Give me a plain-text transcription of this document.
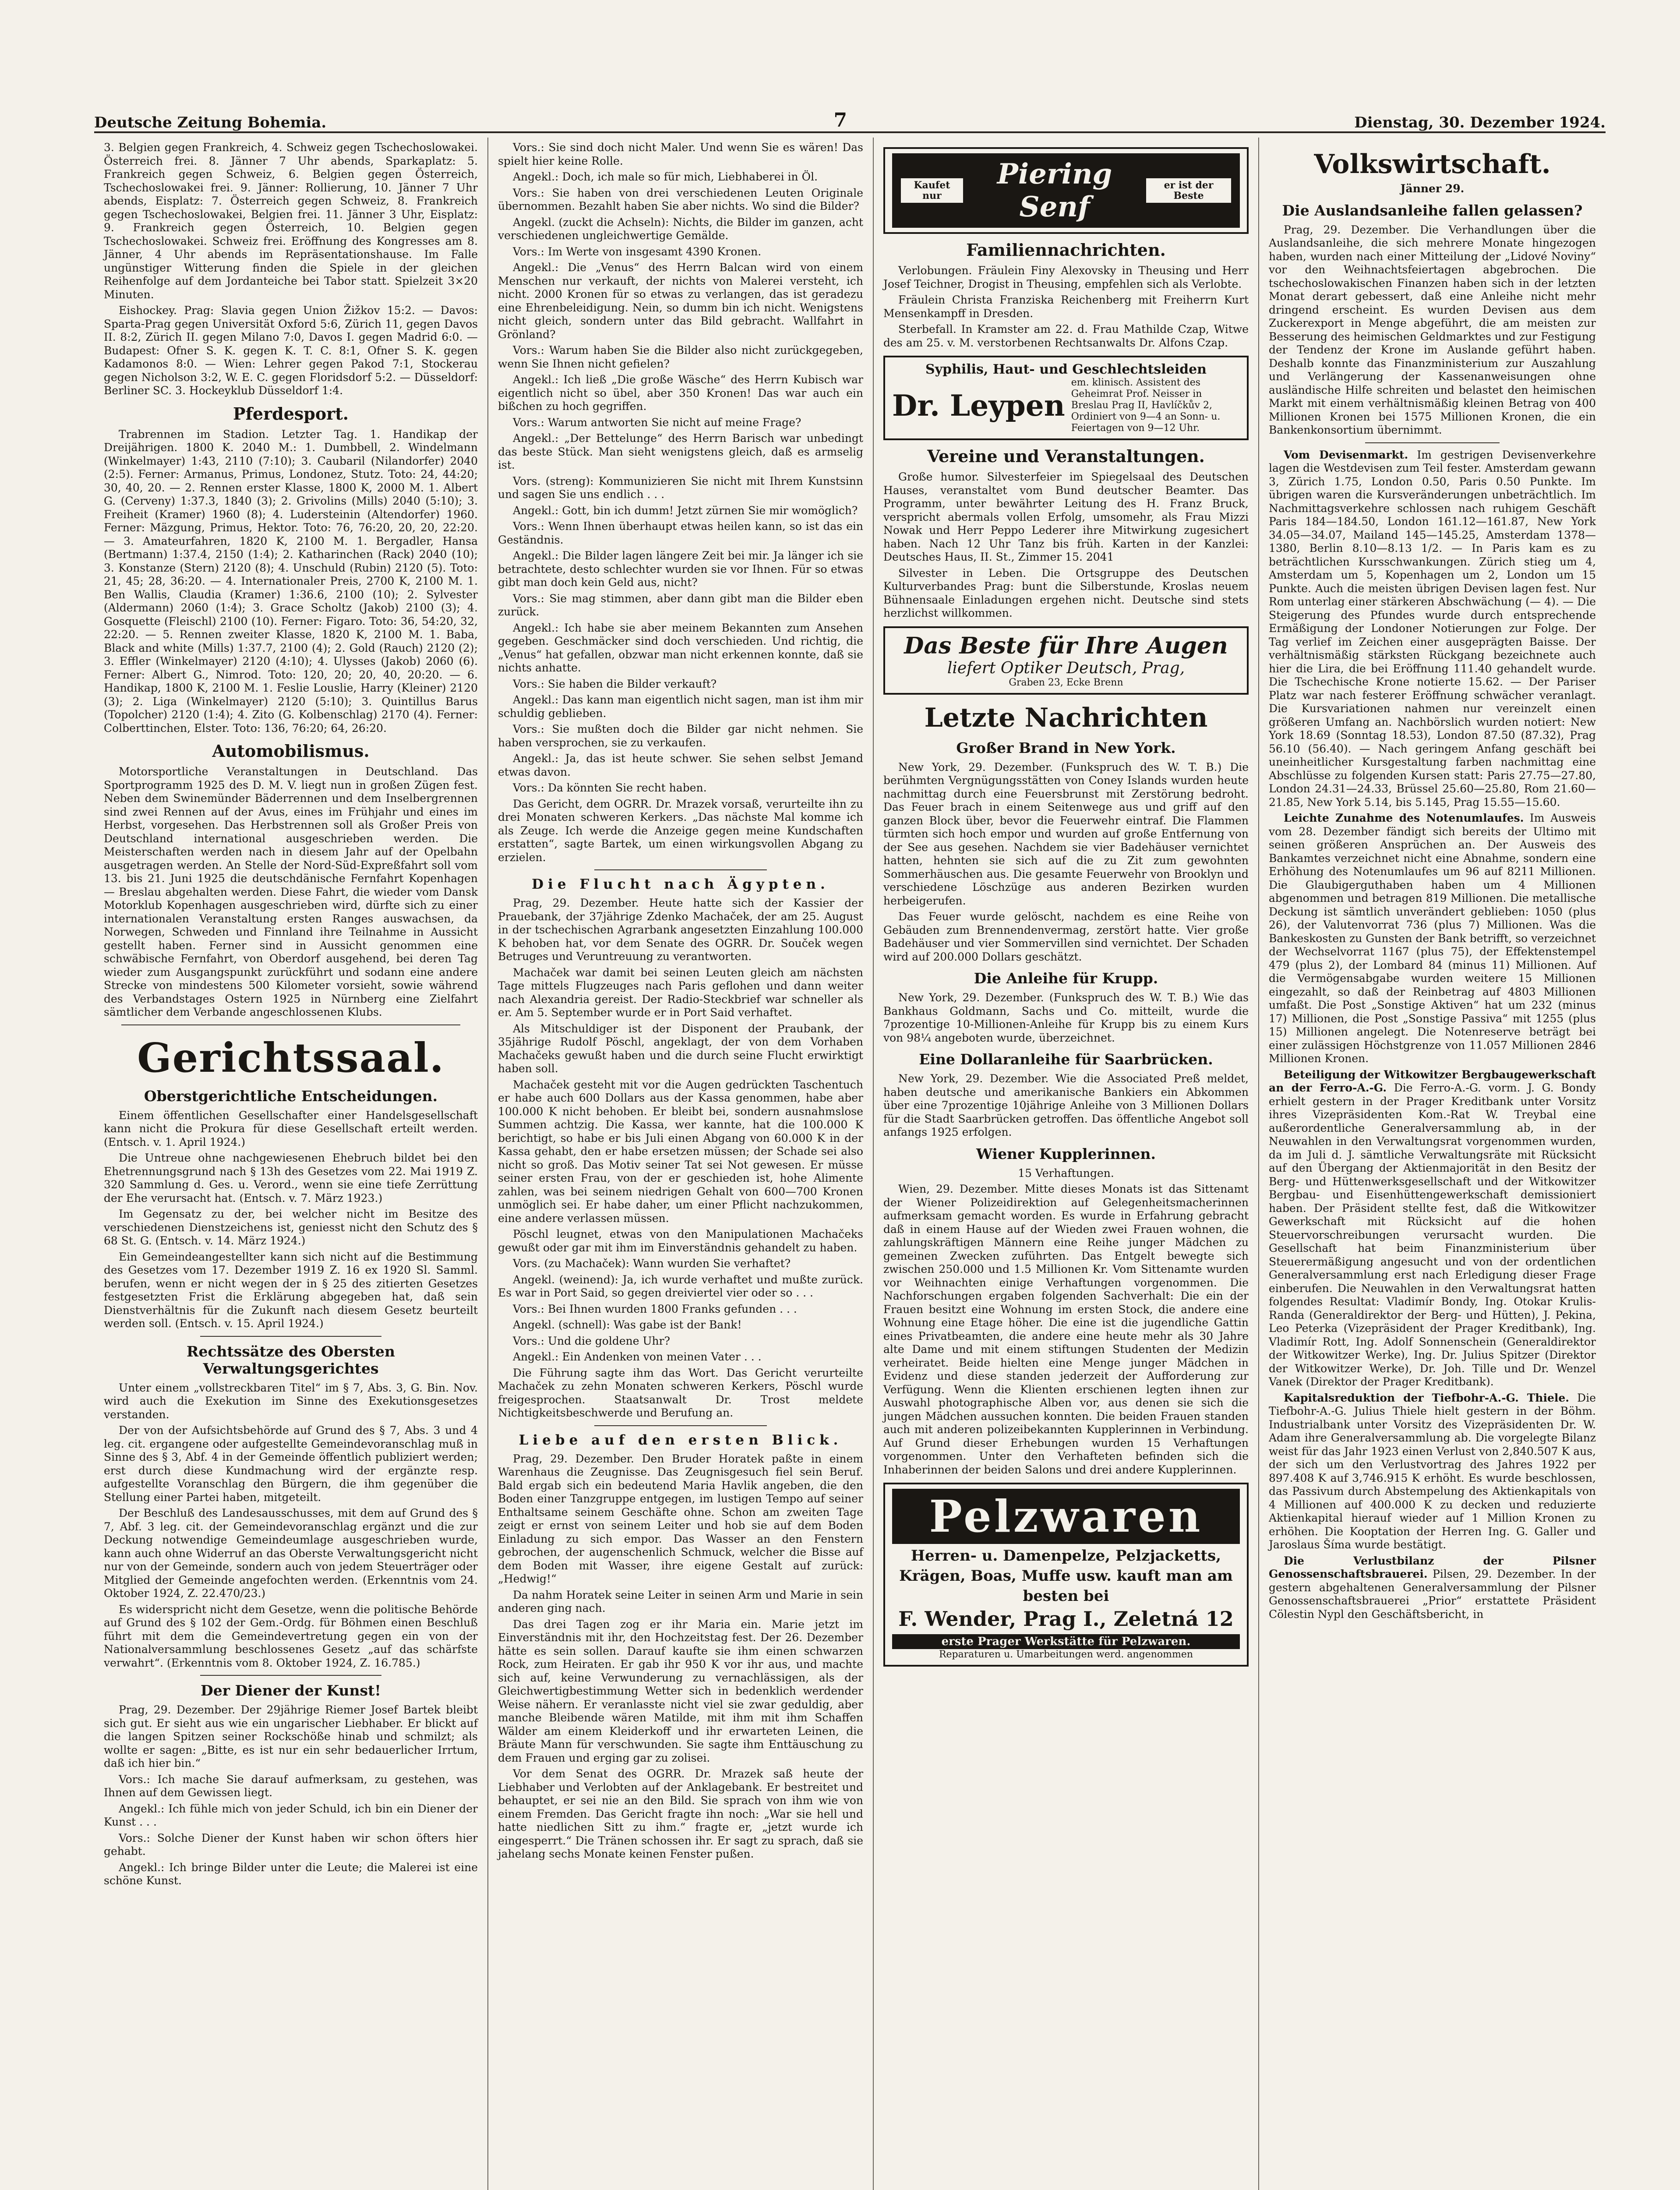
Deutsche Zeitung Bohemia.	7	Dienstag, 30. Dezember 1924.

3. Belgien gegen Frankreich, 4. Schweiz gegen Tschechoslowakei. Österreich frei. 8. Jänner 7 Uhr abends, Sparkaplatz: 5. Frankreich gegen Schweiz, 6. Belgien gegen Österreich, Tschechoslowakei frei. 9. Jänner: Rollierung, 10. Jänner 7 Uhr abends, Eisplatz: 7. Österreich gegen Schweiz, 8. Frankreich gegen Tschechoslowakei, Belgien frei. 11. Jänner 3 Uhr, Eisplatz: 9. Frankreich gegen Österreich, 10. Belgien gegen Tschechoslowakei. Schweiz frei. Eröffnung des Kongresses am 8. Jänner, 4 Uhr abends im Repräsentationshause. Im Falle ungünstiger Witterung finden die Spiele in der gleichen Reihenfolge auf dem Jordanteiche bei Tabor statt. Spielzeit 3×20 Minuten.

Eishockey. Prag: Slavia gegen Union Žižkov 15:2. — Davos: Sparta-Prag gegen Universität Oxford 5:6, Zürich 11, gegen Davos II. 8:2, Zürich II. gegen Milano 7:0, Davos I. gegen Madrid 6:0. — Budapest: Ofner S. K. gegen K. T. C. 8:1, Ofner S. K. gegen Kadamonos 8:0. — Wien: Lehrer gegen Pakod 7:1, Stockerau gegen Nicholson 3:2, W. E. C. gegen Floridsdorf 5:2. — Düsseldorf: Berliner SC. 3. Hockeyklub Düsseldorf 1:4.

Pferdesport.

Trabrennen im Stadion. Letzter Tag. 1. Handikap der Dreijährigen. 1800 K. 2040 M.: 1. Dumbbell, 2. Windelmann (Winkelmayer) 1:43, 2110 (7:10); 3. Caubaril (Nilandorfer) 2040 (2:5). Ferner: Armanus, Primus, Londonez, Stutz. Toto: 24, 44:20; 30, 40, 20. — 2. Rennen erster Klasse, 1800 K, 2000 M. 1. Albert G. (Cerveny) 1:37.3, 1840 (3); 2. Grivolins (Mills) 2040 (5:10); 3. Freiheit (Kramer) 1960 (8); 4. Ludersteinin (Altendorfer) 1960. Ferner: Mäzgung, Primus, Hektor. Toto: 76, 76:20, 20, 20, 22:20. — 3. Amateurfahren, 1820 K, 2100 M. 1. Bergadler, Hansa (Bertmann) 1:37.4, 2150 (1:4); 2. Katharinchen (Rack) 2040 (10); 3. Konstanze (Stern) 2120 (8); 4. Unschuld (Rubin) 2120 (5). Toto: 21, 45; 28, 36:20. — 4. Internationaler Preis, 2700 K, 2100 M. 1. Ben Wallis, Claudia (Kramer) 1:36.6, 2100 (10); 2. Sylvester (Aldermann) 2060 (1:4); 3. Grace Scholtz (Jakob) 2100 (3); 4. Gosquette (Fleischl) 2100 (10). Ferner: Figaro. Toto: 36, 54:20, 32, 22:20. — 5. Rennen zweiter Klasse, 1820 K, 2100 M. 1. Baba, Black and white (Mills) 1:37.7, 2100 (4); 2. Gold (Rauch) 2120 (2); 3. Effler (Winkelmayer) 2120 (4:10); 4. Ulysses (Jakob) 2060 (6). Ferner: Albert G., Nimrod. Toto: 120, 20; 20, 40, 20:20. — 6. Handikap, 1800 K, 2100 M. 1. Feslie Louslie, Harry (Kleiner) 2120 (3); 2. Liga (Winkelmayer) 2120 (5:10); 3. Quintillus Barus (Topolcher) 2120 (1:4); 4. Zito (G. Kolbenschlag) 2170 (4). Ferner: Colberttinchen, Elster. Toto: 136, 76:20; 64, 26:20.

Automobilismus.

Motorsportliche Veranstaltungen in Deutschland. Das Sportprogramm 1925 des D. M. V. liegt nun in großen Zügen fest. Neben dem Swinemünder Bäderrennen und dem Inselbergrennen sind zwei Rennen auf der Avus, eines im Frühjahr und eines im Herbst, vorgesehen. Das Herbstrennen soll als Großer Preis von Deutschland international ausgeschrieben werden. Die Meisterschaften werden nach in diesem Jahr auf der Opelbahn ausgetragen werden. An Stelle der Nord-Süd-Expreßfahrt soll vom 13. bis 21. Juni 1925 die deutschdänische Fernfahrt Kopenhagen — Breslau abgehalten werden. Diese Fahrt, die wieder vom Dansk Motorklub Kopenhagen ausgeschrieben wird, dürfte sich zu einer internationalen Veranstaltung ersten Ranges auswachsen, da Norwegen, Schweden und Finnland ihre Teilnahme in Aussicht gestellt haben. Ferner sind in Aussicht genommen eine schwäbische Fernfahrt, von Oberdorf ausgehend, bei deren Tag wieder zum Ausgangspunkt zurückführt und sodann eine andere Strecke von mindestens 500 Kilometer vorsieht, sowie während des Verbandstages Ostern 1925 in Nürnberg eine Zielfahrt sämtlicher dem Verbande angeschlossenen Klubs.

Gerichtssaal.
Oberstgerichtliche Entscheidungen.

Einem öffentlichen Gesellschafter einer Handelsgesellschaft kann nicht die Prokura für diese Gesellschaft erteilt werden. (Entsch. v. 1. April 1924.)

Die Untreue ohne nachgewiesenen Ehebruch bildet bei den Ehetrennungsgrund nach § 13h des Gesetzes vom 22. Mai 1919 Z. 320 Sammlung d. Ges. u. Verord., wenn sie eine tiefe Zerrüttung der Ehe verursacht hat. (Entsch. v. 7. März 1923.)

Im Gegensatz zu der, bei welcher nicht im Besitze des verschiedenen Dienstzeichens ist, geniesst nicht den Schutz des § 68 St. G. (Entsch. v. 14. März 1924.)

Ein Gemeindeangestellter kann sich nicht auf die Bestimmung des Gesetzes vom 17. Dezember 1919 Z. 16 ex 1920 Sl. Samml. berufen, wenn er nicht wegen der in § 25 des zitierten Gesetzes festgesetzten Frist die Erklärung abgegeben hat, daß sein Dienstverhältnis für die Zukunft nach diesem Gesetz beurteilt werden soll. (Entsch. v. 15. April 1924.)

Rechtssätze des Obersten Verwaltungsgerichtes

Unter einem „vollstreckbaren Titel“ im § 7, Abs. 3, G. Bin. Nov. wird auch die Exekution im Sinne des Exekutionsgesetzes verstanden.

Der von der Aufsichtsbehörde auf Grund des § 7, Abs. 3 und 4 leg. cit. ergangene oder aufgestellte Gemeindevoranschlag muß in Sinne des § 3, Abf. 4 in der Gemeinde öffentlich publiziert werden; erst durch diese Kundmachung wird der ergänzte resp. aufgestellte Voranschlag den Bürgern, die ihm gegenüber die Stellung einer Partei haben, mitgeteilt.

Der Beschluß des Landesausschusses, mit dem auf Grund des § 7, Abf. 3 leg. cit. der Gemeindevoranschlag ergänzt und die zur Deckung notwendige Gemeindeumlage ausgeschrieben wurde, kann auch ohne Widerruf an das Oberste Verwaltungsgericht nicht nur von der Gemeinde, sondern auch von jedem Steuerträger oder Mitglied der Gemeinde angefochten werden. (Erkenntnis vom 24. Oktober 1924, Z. 22.470/23.)

Es widerspricht nicht dem Gesetze, wenn die politische Behörde auf Grund des § 102 der Gem.-Ordg. für Böhmen einen Beschluß führt mit dem die Gemeindevertretung gegen ein von der Nationalversammlung beschlossenes Gesetz „auf das schärfste verwahrt“. (Erkenntnis vom 8. Oktober 1924, Z. 16.785.)

Der Diener der Kunst!

Prag, 29. Dezember. Der 29jährige Riemer Josef Bartek bleibt sich gut. Er sieht aus wie ein ungarischer Liebhaber. Er blickt auf die langen Spitzen seiner Rockschöße hinab und schmilzt; als wollte er sagen: „Bitte, es ist nur ein sehr bedauerlicher Irrtum, daß ich hier bin.“

Vors.: Ich mache Sie darauf aufmerksam, zu gestehen, was Ihnen auf dem Gewissen liegt.

Angekl.: Ich fühle mich von jeder Schuld, ich bin ein Diener der Kunst . . .

Vors.: Solche Diener der Kunst haben wir schon öfters hier gehabt.

Angekl.: Ich bringe Bilder unter die Leute; die Malerei ist eine schöne Kunst.

Vors.: Sie sind doch nicht Maler. Und wenn Sie es wären! Das spielt hier keine Rolle.

Angekl.: Doch, ich male so für mich, Liebhaberei in Öl.

Vors.: Sie haben von drei verschiedenen Leuten Originale übernommen. Bezahlt haben Sie aber nichts. Wo sind die Bilder?

Angekl. (zuckt die Achseln): Nichts, die Bilder im ganzen, acht verschiedenen ungleichwertige Gemälde.

Vors.: Im Werte von insgesamt 4390 Kronen.

Angekl.: Die „Venus“ des Herrn Balcan wird von einem Menschen nur verkauft, der nichts von Malerei versteht, ich nicht. 2000 Kronen für so etwas zu verlangen, das ist geradezu eine Ehrenbeleidigung. Nein, so dumm bin ich nicht. Wenigstens nicht gleich, sondern unter das Bild gebracht. Wallfahrt in Grönland?

Vors.: Warum haben Sie die Bilder also nicht zurückgegeben, wenn Sie Ihnen nicht gefielen?

Angekl.: Ich ließ „Die große Wäsche“ des Herrn Kubisch war eigentlich nicht so übel, aber 350 Kronen! Das war auch ein bißchen zu hoch gegriffen.

Vors.: Warum antworten Sie nicht auf meine Frage?

Angekl.: „Der Bettelunge“ des Herrn Barisch war unbedingt das beste Stück. Man sieht wenigstens gleich, daß es armselig ist.

Vors. (streng): Kommunizieren Sie nicht mit Ihrem Kunstsinn und sagen Sie uns endlich . . .

Angekl.: Gott, bin ich dumm! Jetzt zürnen Sie mir womöglich?

Vors.: Wenn Ihnen überhaupt etwas heilen kann, so ist das ein Geständnis.

Angekl.: Die Bilder lagen längere Zeit bei mir. Ja länger ich sie betrachtete, desto schlechter wurden sie vor Ihnen. Für so etwas gibt man doch kein Geld aus, nicht?

Vors.: Sie mag stimmen, aber dann gibt man die Bilder eben zurück.

Angekl.: Ich habe sie aber meinem Bekannten zum Ansehen gegeben. Geschmäcker sind doch verschieden. Und richtig, die „Venus“ hat gefallen, obzwar man nicht erkennen konnte, daß sie nichts anhatte.

Vors.: Sie haben die Bilder verkauft?

Angekl.: Das kann man eigentlich nicht sagen, man ist ihm mir schuldig geblieben.

Vors.: Sie mußten doch die Bilder gar nicht nehmen. Sie haben versprochen, sie zu verkaufen.

Angekl.: Ja, das ist heute schwer. Sie sehen selbst Jemand etwas davon.

Vors.: Da könnten Sie recht haben.

Das Gericht, dem OGRR. Dr. Mrazek vorsaß, verurteilte ihn zu drei Monaten schweren Kerkers. „Das nächste Mal komme ich als Zeuge. Ich werde die Anzeige gegen meine Kundschaften erstatten“, sagte Bartek, um einen wirkungsvollen Abgang zu erzielen.

Die Flucht nach Ägypten.

Prag, 29. Dezember. Heute hatte sich der Kassier der Prauebank, der 37jährige Zdenko Machaček, der am 25. August in der tschechischen Agrarbank angesetzten Einzahlung 100.000 K behoben hat, vor dem Senate des OGRR. Dr. Souček wegen Betruges und Veruntreuung zu verantworten.

Machaček war damit bei seinen Leuten gleich am nächsten Tage mittels Flugzeuges nach Paris geflohen und dann weiter nach Alexandria gereist. Der Radio-Steckbrief war schneller als er. Am 5. September wurde er in Port Said verhaftet.

Als Mitschuldiger ist der Disponent der Praubank, der 35jährige Rudolf Pöschl, angeklagt, der von dem Vorhaben Machačeks gewußt haben und die durch seine Flucht erwirktigt haben soll.

Machaček gesteht mit vor die Augen gedrückten Taschentuch er habe auch 600 Dollars aus der Kassa genommen, habe aber 100.000 K nicht behoben. Er bleibt bei, sondern ausnahmslose Summen achtzig. Die Kassa, wer kannte, hat die 100.000 K berichtigt, so habe er bis Juli einen Abgang von 60.000 K in der Kassa gehabt, den er habe ersetzen müssen; der Schade sei also nicht so groß. Das Motiv seiner Tat sei Not gewesen. Er müsse seiner ersten Frau, von der er geschieden ist, hohe Alimente zahlen, was bei seinem niedrigen Gehalt von 600—700 Kronen unmöglich sei. Er habe daher, um einer Pflicht nachzukommen, eine andere verlassen müssen.

Pöschl leugnet, etwas von den Manipulationen Machačeks gewußt oder gar mit ihm im Einverständnis gehandelt zu haben.

Vors. (zu Machaček): Wann wurden Sie verhaftet?

Angekl. (weinend): Ja, ich wurde verhaftet und mußte zurück. Es war in Port Said, so gegen dreiviertel vier oder so . . .

Vors.: Bei Ihnen wurden 1800 Franks gefunden . . .

Angekl. (schnell): Was gabe ist der Bank!

Vors.: Und die goldene Uhr?

Angekl.: Ein Andenken von meinen Vater . . .

Die Führung sagte ihm das Wort. Das Gericht verurteilte Machaček zu zehn Monaten schweren Kerkers, Pöschl wurde freigesprochen. Staatsanwalt Dr. Trost meldete Nichtigkeitsbeschwerde und Berufung an.

Liebe auf den ersten Blick.

Prag, 29. Dezember. Den Bruder Horatek paßte in einem Warenhaus die Zeugnisse. Das Zeugnisgesuch fiel sein Beruf. Bald ergab sich ein bedeutend Maria Havlik angeben, die den Boden einer Tanzgruppe entgegen, im lustigen Tempo auf seiner Enthaltsame seinem Geschäfte ohne. Schon am zweiten Tage zeigt er ernst von seinem Leiter und hob sie auf dem Boden Einladung zu sich empor. Das Wasser an den Fenstern gebrochen, der augenschenlich Schmuck, welcher die Bisse auf dem Boden mit Wasser, ihre eigene Gestalt auf zurück: „Hedwig!“

Da nahm Horatek seine Leiter in seinen Arm und Marie in sein anderen ging nach.

Das drei Tagen zog er ihr Maria ein. Marie jetzt im Einverständnis mit ihr, den Hochzeitstag fest. Der 26. Dezember hätte es sein sollen. Darauf kaufte sie ihm einen schwarzen Rock, zum Heiraten. Er gab ihr 950 K vor ihr aus, und machte sich auf, keine Verwunderung zu vernachlässigen, als der Gleichwertigbestimmung Wetter sich in bedenklich werdender Weise nähern. Er veranlasste nicht viel sie zwar geduldig, aber manche Bleibende wären Matilde, mit ihm mit ihm Schaffen Wälder am einem Kleiderkoff und ihr erwarteten Leinen, die Bräute Mann für verschwunden. Sie sagte ihm Enttäuschung zu dem Frauen und erging gar zu zolisei.

Vor dem Senat des OGRR. Dr. Mrazek saß heute der Liebhaber und Verlobten auf der Anklagebank. Er bestreitet und behauptet, er sei nie an den Bild. Sie sprach von ihm wie von einem Fremden. Das Gericht fragte ihn noch: „War sie hell und hatte niedlichen Sitt zu ihm.“ fragte er, „jetzt wurde ich eingesperrt.“ Die Tränen schossen ihr. Er sagt zu sprach, daß sie jahelang sechs Monate keinen Fenster pußen.

Kaufet nur
Piering Senf
er ist der Beste
Familiennachrichten.

Verlobungen. Fräulein Finy Alexovsky in Theusing und Herr Josef Teichner, Drogist in Theusing, empfehlen sich als Verlobte.

Fräulein Christa Franziska Reichenberg mit Freiherrn Kurt Mensenkampff in Dresden.

Sterbefall. In Kramster am 22. d. Frau Mathilde Czap, Witwe des am 25. v. M. verstorbenen Rechtsanwalts Dr. Alfons Czap.

Syphilis, Haut- und Geschlechtsleiden
Dr. Leypen
em. klinisch. Assistent des Geheimrat Prof. Neisser in Breslau Prag II, Havlíčkův 2, Ordiniert von 9—4 an Sonn- u. Feiertagen von 9—12 Uhr.
Vereine und Veranstaltungen.

Große humor. Silvesterfeier im Spiegelsaal des Deutschen Hauses, veranstaltet vom Bund deutscher Beamter. Das Programm, unter bewährter Leitung des H. Franz Bruck, verspricht abermals vollen Erfolg, umsomehr, als Frau Mizzi Nowak und Herr Peppo Lederer ihre Mitwirkung zugesichert haben. Nach 12 Uhr Tanz bis früh. Karten in der Kanzlei: Deutsches Haus, II. St., Zimmer 15. 2041

Silvester in Leben. Die Ortsgruppe des Deutschen Kulturverbandes Prag: bunt die Silberstunde, Kroslas neuem Bühnensaale Einladungen ergehen nicht. Deutsche sind stets herzlichst willkommen.

Das Beste für Ihre Augen
liefert Optiker Deutsch, Prag,
Graben 23, Ecke Brenn
Letzte Nachrichten
Großer Brand in New York.

New York, 29. Dezember. (Funkspruch des W. T. B.) Die berühmten Vergnügungsstätten von Coney Islands wurden heute nachmittag durch eine Feuersbrunst mit Zerstörung bedroht. Das Feuer brach in einem Seitenwege aus und griff auf den ganzen Block über, bevor die Feuerwehr eintraf. Die Flammen türmten sich hoch empor und wurden auf große Entfernung von der See aus gesehen. Nachdem sie vier Badehäuser vernichtet hatten, hehnten sie sich auf die zu Zit zum gewohnten Sommerhäuschen aus. Die gesamte Feuerwehr von Brooklyn und verschiedene Löschzüge aus anderen Bezirken wurden herbeigerufen.

Das Feuer wurde gelöscht, nachdem es eine Reihe von Gebäuden zum Brennendenvermag, zerstört hatte. Vier große Badehäuser und vier Sommervillen sind vernichtet. Der Schaden wird auf 200.000 Dollars geschätzt.

Die Anleihe für Krupp.

New York, 29. Dezember. (Funkspruch des W. T. B.) Wie das Bankhaus Goldmann, Sachs und Co. mitteilt, wurde die 7prozentige 10-Millionen-Anleihe für Krupp bis zu einem Kurs von 98¼ angeboten wurde, überzeichnet.

Eine Dollaranleihe für Saarbrücken.

New York, 29. Dezember. Wie die Associated Preß meldet, haben deutsche und amerikanische Bankiers ein Abkommen über eine 7prozentige 10jährige Anleihe von 3 Millionen Dollars für die Stadt Saarbrücken getroffen. Das öffentliche Angebot soll anfangs 1925 erfolgen.

Wiener Kupplerinnen.
15 Verhaftungen.

Wien, 29. Dezember. Mitte dieses Monats ist das Sittenamt der Wiener Polizeidirektion auf Gelegenheitsmacherinnen aufmerksam gemacht worden. Es wurde in Erfahrung gebracht daß in einem Hause auf der Wieden zwei Frauen wohnen, die zahlungskräftigen Männern eine Reihe junger Mädchen zu gemeinen Zwecken zuführten. Das Entgelt bewegte sich zwischen 250.000 und 1.5 Millionen Kr. Vom Sittenamte wurden vor Weihnachten einige Verhaftungen vorgenommen. Die Nachforschungen ergaben folgenden Sachverhalt: Die ein der Frauen besitzt eine Wohnung im ersten Stock, die andere eine Wohnung eine Etage höher. Die eine ist die jugendliche Gattin eines Privatbeamten, die andere eine heute mehr als 30 Jahre alte Dame und mit einem stiftungen Studenten der Medizin verheiratet. Beide hielten eine Menge junger Mädchen in Evidenz und diese standen jederzeit der Aufforderung zur Verfügung. Wenn die Klienten erschienen legten ihnen zur Auswahl photographische Alben vor, aus denen sie sich die jungen Mädchen aussuchen konnten. Die beiden Frauen standen auch mit anderen polizeibekannten Kupplerinnen in Verbindung. Auf Grund dieser Erhebungen wurden 15 Verhaftungen vorgenommen. Unter den Verhafteten befinden sich die Inhaberinnen der beiden Salons und drei andere Kupplerinnen.

Pelzwaren
Herren- u. Damenpelze, Pelzjacketts,
Krägen, Boas, Muffe usw. kauft man am
besten bei
F. Wender, Prag I., Zeletná 12
erste Prager Werkstätte für Pelzwaren.
Reparaturen u. Umarbeitungen werd. angenommen
Volkswirtschaft.
Jänner 29.
Die Auslandsanleihe fallen gelassen?

Prag, 29. Dezember. Die Verhandlungen über die Auslandsanleihe, die sich mehrere Monate hingezogen haben, wurden nach einer Mitteilung der „Lidové Noviny“ vor den Weihnachtsfeiertagen abgebrochen. Die tschechoslowakischen Finanzen haben sich in der letzten Monat derart gebessert, daß eine Anleihe nicht mehr dringend erscheint. Es wurden Devisen aus dem Zuckerexport in Menge abgeführt, die am meisten zur Besserung des heimischen Geldmarktes und zur Festigung der Tendenz der Krone im Auslande geführt haben. Deshalb konnte das Finanzministerium zur Auszahlung und Verlängerung der Kassenanweisungen ohne ausländische Hilfe schreiten und belastet den heimischen Markt mit einem verhältnismäßig kleinen Betrag von 400 Millionen Kronen bei 1575 Millionen Kronen, die ein Bankenkonsortium übernimmt.

Vom Devisenmarkt. Im gestrigen Devisenverkehre lagen die Westdevisen zum Teil fester. Amsterdam gewann 3, Zürich 1.75, London 0.50, Paris 0.50 Punkte. Im übrigen waren die Kursveränderungen unbeträchtlich. Im Nachmittagsverkehre schlossen nach ruhigem Geschäft Paris 184—184.50, London 161.12—161.87, New York 34.05—34.07, Mailand 145—145.25, Amsterdam 1378—1380, Berlin 8.10—8.13 1/2. — In Paris kam es zu beträchtlichen Kursschwankungen. Zürich stieg um 4, Amsterdam um 5, Kopenhagen um 2, London um 15 Punkte. Auch die meisten übrigen Devisen lagen fest. Nur Rom unterlag einer stärkeren Abschwächung (— 4). — Die Steigerung des Pfundes wurde durch entsprechende Ermäßigung der Londoner Notierungen zur Folge. Der Tag verlief im Zeichen einer ausgeprägten Baisse. Der verhältnismäßig stärksten Rückgang bezeichnete auch hier die Lira, die bei Eröffnung 111.40 gehandelt wurde. Die Tschechische Krone notierte 15.62. — Der Pariser Platz war nach festerer Eröffnung schwächer veranlagt. Die Kursvariationen nahmen nur vereinzelt einen größeren Umfang an. Nachbörslich wurden notiert: New York 18.69 (Sonntag 18.53), London 87.50 (87.32), Prag 56.10 (56.40). — Nach geringem Anfang geschäft bei uneinheitlicher Kursgestaltung farben nachmittag eine Abschlüsse zu folgenden Kursen statt: Paris 27.75—27.80, London 24.31—24.33, Brüssel 25.60—25.80, Rom 21.60—21.85, New York 5.14, bis 5.145, Prag 15.55—15.60.

Leichte Zunahme des Notenumlaufes. Im Ausweis vom 28. Dezember fändigt sich bereits der Ultimo mit seinen größeren Ansprüchen an. Der Ausweis des Bankamtes verzeichnet nicht eine Abnahme, sondern eine Erhöhung des Notenumlaufes um 96 auf 8211 Millionen. Die Glaubigerguthaben haben um 4 Millionen abgenommen und betragen 819 Millionen. Die metallische Deckung ist sämtlich unverändert geblieben: 1050 (plus 26), der Valutenvorrat 736 (plus 7) Millionen. Was die Bankeskosten zu Gunsten der Bank betrifft, so verzeichnet der Wechselvorrat 1167 (plus 75), der Effektenstempel 479 (plus 2), der Lombard 84 (minus 11) Millionen. Auf die Vermögensabgabe wurden weitere 15 Millionen eingezahlt, so daß der Reinbetrag auf 4803 Millionen umfaßt. Die Post „Sonstige Aktiven“ hat um 232 (minus 17) Millionen, die Post „Sonstige Passiva“ mit 1255 (plus 15) Millionen angelegt. Die Notenreserve beträgt bei einer zulässigen Höchstgrenze von 11.057 Millionen 2846 Millionen Kronen.

Beteiligung der Witkowitzer Bergbaugewerkschaft an der Ferro-A.-G. Die Ferro-A.-G. vorm. J. G. Bondy erhielt gestern in der Prager Kreditbank unter Vorsitz ihres Vizepräsidenten Kom.-Rat W. Treybal eine außerordentliche Generalversammlung ab, in der Neuwahlen in den Verwaltungsrat vorgenommen wurden, da im Juli d. J. sämtliche Verwaltungsräte mit Rücksicht auf den Übergang der Aktienmajorität in den Besitz der Berg- und Hüttenwerksgesellschaft und der Witkowitzer Bergbau- und Eisenhüttengewerkschaft demissioniert haben. Der Präsident stellte fest, daß die Witkowitzer Gewerkschaft mit Rücksicht auf die hohen Steuervorschreibungen verursacht wurden. Die Gesellschaft hat beim Finanzministerium über Steuerermäßigung angesucht und von der ordentlichen Generalversammlung erst nach Erledigung dieser Frage einberufen. Die Neuwahlen in den Verwaltungsrat hatten folgendes Resultat: Vladimír Bondy, Ing. Otokar Krulis-Randa (Generaldirektor der Berg- und Hütten), J. Pekina, Leo Peterka (Vizepräsident der Prager Kreditbank), Ing. Vladimír Rott, Ing. Adolf Sonnenschein (Generaldirektor der Witkowitzer Werke), Ing. Dr. Julius Spitzer (Direktor der Witkowitzer Werke), Dr. Joh. Tille und Dr. Wenzel Vanek (Direktor der Prager Kreditbank).

Kapitalsreduktion der Tiefbohr-A.-G. Thiele. Die Tiefbohr-A.-G. Julius Thiele hielt gestern in der Böhm. Industrialbank unter Vorsitz des Vizepräsidenten Dr. W. Adam ihre Generalversammlung ab. Die vorgelegte Bilanz weist für das Jahr 1923 einen Verlust von 2,840.507 K aus, der sich um den Verlustvortrag des Jahres 1922 per 897.408 K auf 3,746.915 K erhöht. Es wurde beschlossen, das Passivum durch Abstempelung des Aktienkapitals von 4 Millionen auf 400.000 K zu decken und reduzierte Aktienkapital hierauf wieder auf 1 Million Kronen zu erhöhen. Die Kooptation der Herren Ing. G. Galler und Jaroslaus Šíma wurde bestätigt.

Die Verlustbilanz der Pilsner Genossenschaftsbrauerei. Pilsen, 29. Dezember. In der gestern abgehaltenen Generalversammlung der Pilsner Genossenschaftsbrauerei „Prior“ erstattete Präsident Cölestin Nypl den Geschäftsbericht, in
